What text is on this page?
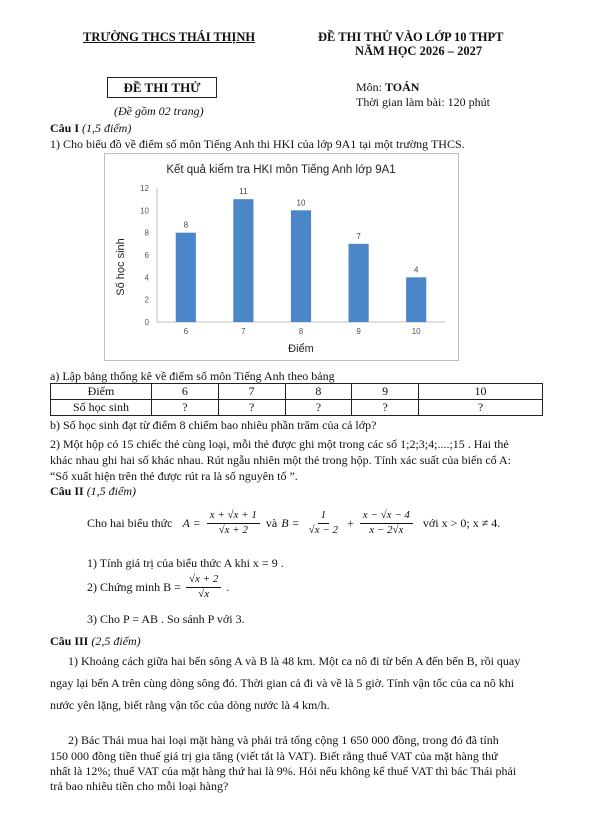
TRƯỜNG THCS THÁI THỊNH	ĐỀ THI THỬ VÀO LỚP 10 THPT
NĂM HỌC 2026 – 2027
ĐỀ THI THỬ
(Đề gồm 02 trang)
Môn: TOÁN
Thời gian làm bài: 120 phút
Câu I (1,5 điểm)
1) Cho biểu đồ về điểm số môn Tiếng Anh thi HKI của lớp 9A1 tại một trường THCS.
Kết quả kiểm tra HKI môn Tiếng Anh lớp 9A1
Số học sinh
Điểm
0
2
4
6
8
10
12
8
6
11
7
10
8
7
9
4
10
a) Lập bảng thống kê về điểm số môn Tiếng Anh theo bảng
Điểm	6	7	8	9	10
Số học sinh	?	?	?	?	?
b) Số học sinh đạt từ điểm 8 chiếm bao nhiêu phần trăm của cả lớp?
2) Một hộp có 15 chiếc thẻ cùng loại, mỗi thẻ được ghi một trong các số 1;2;3;4;....;15 . Hai thẻ
khác nhau ghi hai số khác nhau. Rút ngẫu nhiên một thẻ trong hộp. Tính xác suất của biến cố A:
“Số xuất hiện trên thẻ được rút ra là số nguyên tố ”.
Câu II (1,5 điểm)
Cho hai biểu thức $A = \frac{x + √x + 1}{√x + 2}$ và $B = \frac{1}{√x - 2} + \frac{x - √x - 4}{x - 2√x}$ với x > 0; x ≠ 4.
1) Tính giá trị của biểu thức A khi x = 9 .
2) Chứng minh $B = \frac{√x + 2}{√x}$ .
3) Cho P = AB . So sánh P với 3.
Câu III (2,5 điểm)
1) Khoảng cách giữa hai bến sông A và B là 48 km. Một ca nô đi từ bến A đến bến B, rồi quay
ngay lại bến A trên cùng dòng sông đó. Thời gian cả đi và về là 5 giờ. Tính vận tốc của ca nô khi
nước yên lặng, biết rằng vận tốc của dòng nước là 4 km/h.
2) Bác Thái mua hai loại mặt hàng và phải trả tổng cộng 1 650 000 đồng, trong đó đã tính
150 000 đồng tiền thuế giá trị gia tăng (viết tắt là VAT). Biết rằng thuế VAT của mặt hàng thứ
nhất là 12%; thuế VAT của mặt hàng thứ hai là 9%. Hỏi nếu không kể thuế VAT thì bác Thái phải
trả bao nhiêu tiền cho mỗi loại hàng?
